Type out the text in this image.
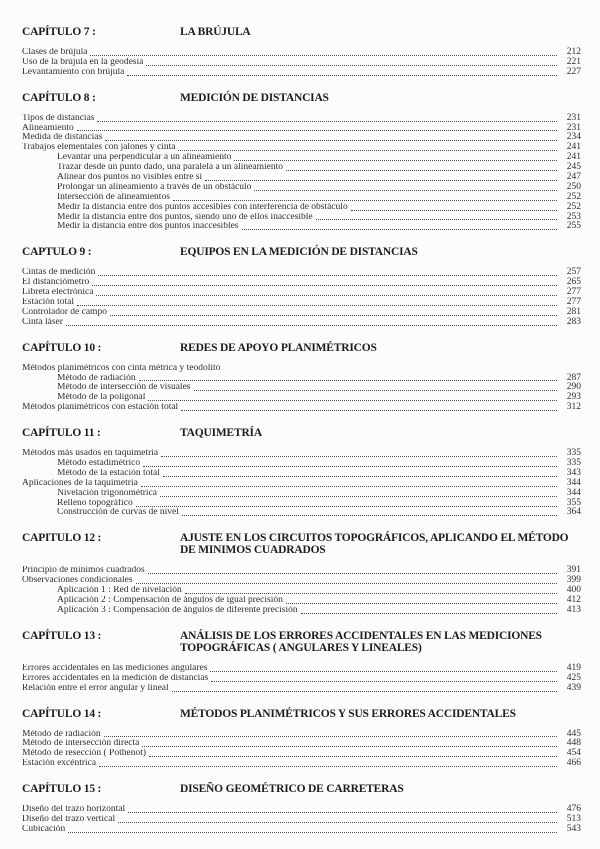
CAPÍTULO 7 :	LA BRÚJULA
Clases de brújula	212
Uso de la brújula en la geodesia	221
Levantamiento con brújula	227
CAPÍTULO 8 :	MEDICIÓN DE DISTANCIAS
Tipos de distancias	231
Alineamiento	231
Medida de distancias	234
Trabajos elementales con jalones y cinta	241
Levantar una perpendicular a un alineamiento	241
Trazar desde un punto dado, una paralela a un alineamiento	245
Alinear dos puntos no visibles entre sí	247
Prolongar un alineamiento a través de un obstáculo	250
Intersección de alineamientos	252
Medir la distancia entre dos puntos accesibles con interferencia de obstáculo	252
Medir la distancia entre dos puntos, siendo uno de ellos inaccesible	253
Medir la distancia entre dos puntos inaccesibles	255
CAPTULO 9 :	EQUIPOS EN LA MEDICIÓN DE DISTANCIAS
Cintas de medición	257
El distanciómetro	265
Libreta electrónica	277
Estación total	277
Controlador de campo	281
Cinta láser	283
CAPÍTULO 10 :	REDES DE APOYO PLANIMÉTRICOS
Métodos planimétricos con cinta métrica y teodolito
Método de radiación	287
Método de intersección de visuales	290
Método de la poligonal	293
Métodos planimétricos con estación total	312
CAPÍTULO 11 :	TAQUIMETRÍA
Métodos más usados en taquimetría	335
Método estadimétrico	335
Método de la estación total	343
Aplicaciones de la taquimetría	344
Nivelación trigonométrica	344
Relleno topográfico	355
Construcción de curvas de nivel	364
CAPITULO 12 :	AJUSTE EN LOS CIRCUITOS TOPOGRÁFICOS, APLICANDO EL MÉTODO
DE MINIMOS CUADRADOS
Principio de mínimos cuadrados	391
Observaciones condicionales	399
Aplicación 1 : Red de nivelación	400
Aplicación 2 : Compensación de ángulos de igual precisión	412
Aplicación 3 : Compensación de ángulos de diferente precisión	413
CAPÍTULO 13 :	ANÁLISIS DE LOS ERRORES ACCIDENTALES EN LAS MEDICIONES
TOPOGRÁFICAS ( ANGULARES Y LINEALES)
Errores accidentales en las mediciones angulares	419
Errores accidentales en la medición de distancias	425
Relación entre el error angular y lineal	439
CAPÍTULO 14 :	MÉTODOS PLANIMÉTRICOS Y SUS ERRORES ACCIDENTALES
Método de radiación	445
Método de intersección directa	448
Método de resección ( Pothenot)	454
Estación excéntrica	466
CAPÍTULO 15 :	DISEÑO GEOMÉTRICO DE CARRETERAS
Diseño del trazo horizontal	476
Diseño del trazo vertical	513
Cubicación	543
